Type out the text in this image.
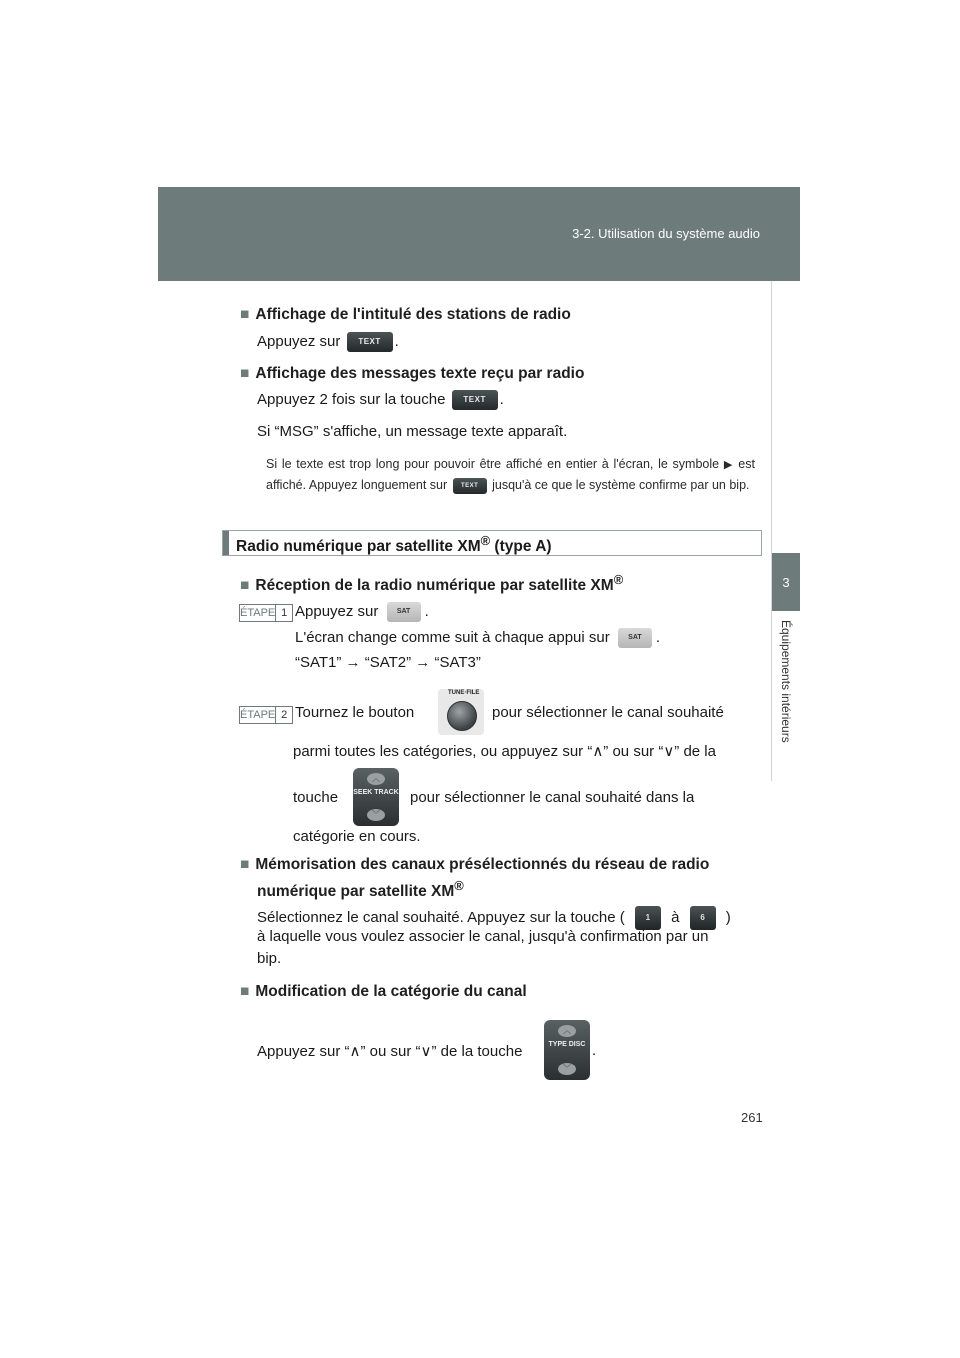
3-2. Utilisation du système audio
3
Équipements intérieurs
■ Affichage de l'intitulé des stations de radio
Appuyez sur TEXT .
■ Affichage des messages texte reçu par radio
Appuyez 2 fois sur la touche TEXT .
Si “MSG” s'affiche, un message texte apparaît.
Si le texte est trop long pour pouvoir être affiché en entier à l'écran, le symbole ▶ est affiché. Appuyez longuement sur TEXT jusqu'à ce que le système confirme par un bip.
Radio numérique par satellite XM® (type A)
■ Réception de la radio numérique par satellite XM®
ÉTAPE 1 Appuyez sur	SAT .
L'écran change comme suit à chaque appui sur	SAT .
“SAT1” → “SAT2” → “SAT3”
ÉTAPE 2 Tournez le bouton
TUNE·FILE
pour sélectionner le canal souhaité
parmi toutes les catégories, ou appuyez sur “∧” ou sur “∨” de la
touche
︿
SEEK TRACK
﹀
pour sélectionner le canal souhaité dans la
catégorie en cours.
■ Mémorisation des canaux présélectionnés du réseau de radio
numérique par satellite XM®
Sélectionnez le canal souhaité. Appuyez sur la touche (	1 à	6 )
à laquelle vous voulez associer le canal, jusqu'à confirmation par un
bip.
■ Modification de la catégorie du canal
Appuyez sur “∧” ou sur “∨” de la touche
︿
TYPE DISC
﹀
.
261
